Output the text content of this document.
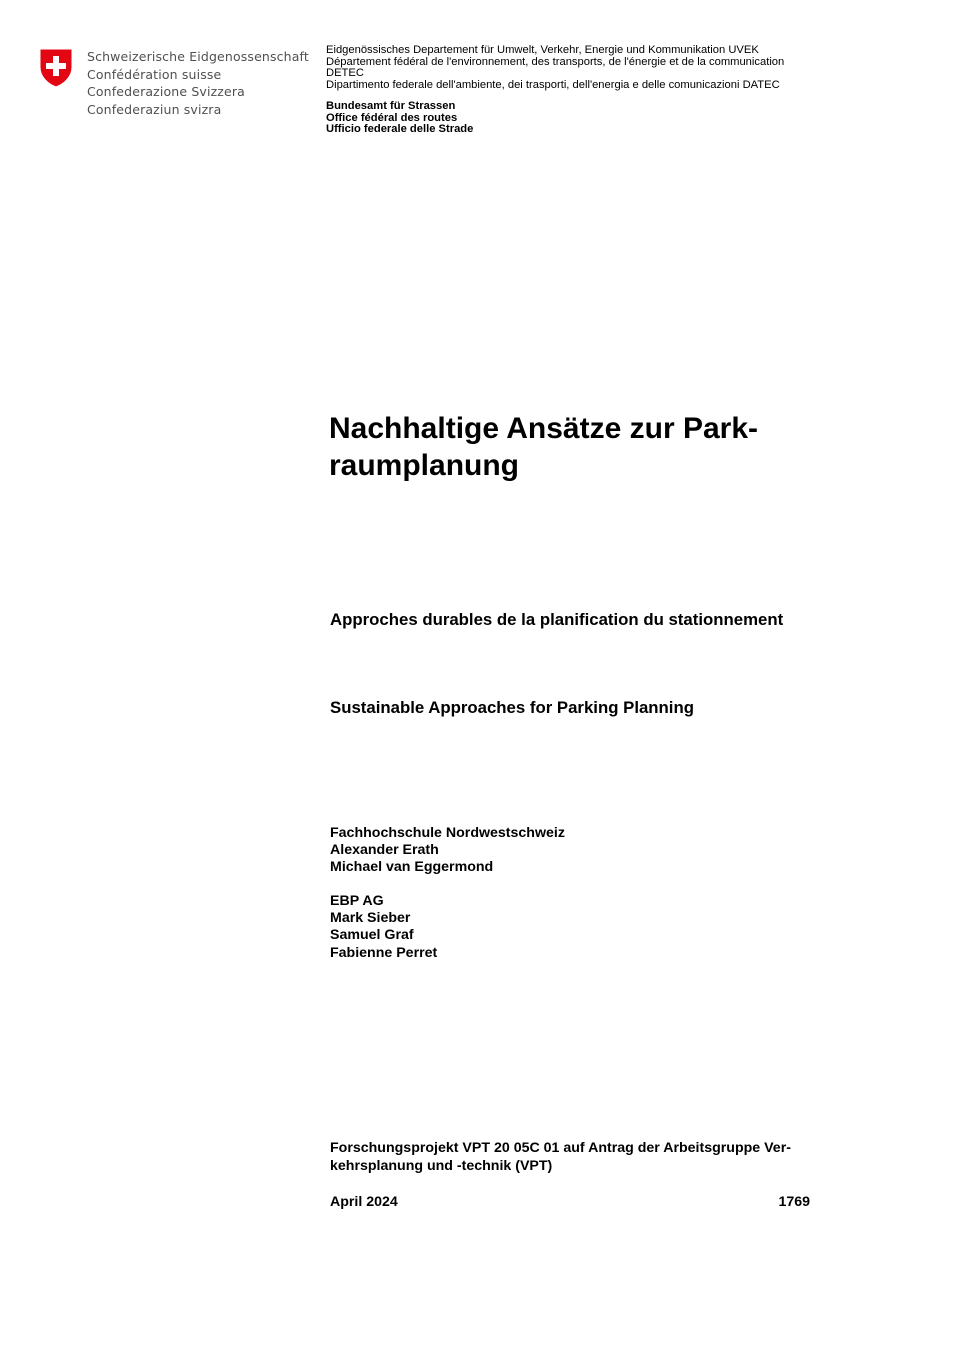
Schweizerische Eidgenossenschaft
Confédération suisse
Confederazione Svizzera
Confederaziun svizra
Eidgenössisches Departement für Umwelt, Verkehr, Energie und Kommunikation UVEK
Département fédéral de l'environnement, des transports, de l'énergie et de la communication
DETEC
Dipartimento federale dell'ambiente, dei trasporti, dell'energia e delle comunicazioni DATEC
Bundesamt für Strassen
Office fédéral des routes
Ufficio federale delle Strade
Nachhaltige Ansätze zur Park-
raumplanung
Approches durables de la planification du stationnement
Sustainable Approaches for Parking Planning
Fachhochschule Nordwestschweiz
Alexander Erath
Michael van Eggermond
EBP AG
Mark Sieber
Samuel Graf
Fabienne Perret
Forschungsprojekt VPT 20 05C 01 auf Antrag der Arbeitsgruppe Ver-
kehrsplanung und -technik (VPT)
April 2024	1769
